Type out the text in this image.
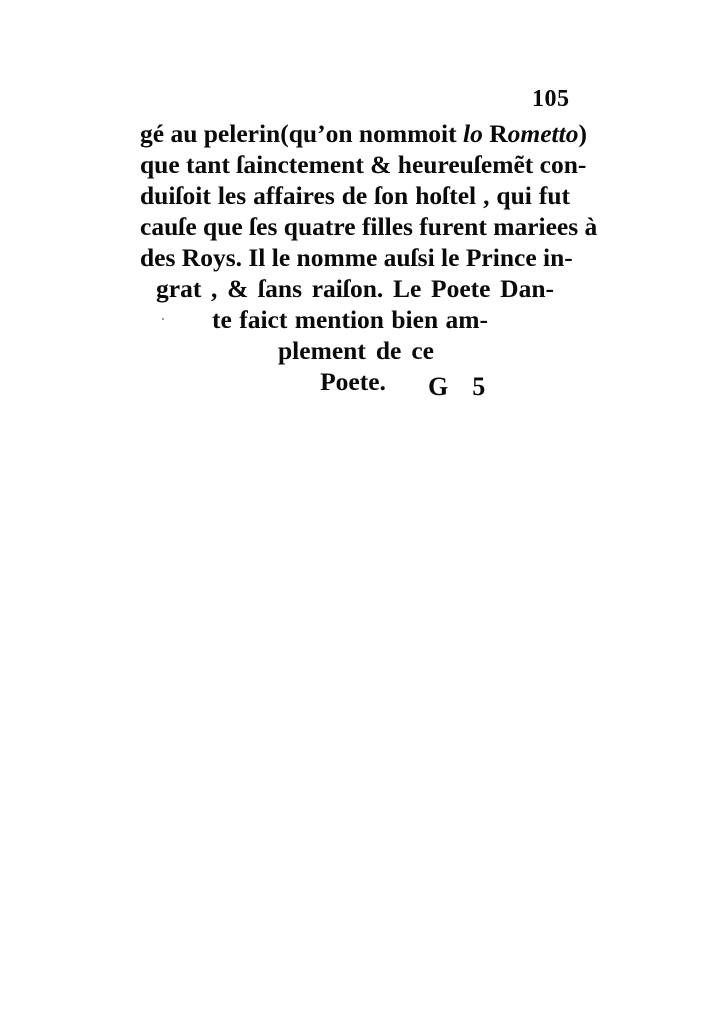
105
gé au pelerin(qu’on nommoit lo Rometto)
que tant ſainctement & heureuſemẽt con-
duiſoit les affaires de ſon hoſtel , qui fut
cauſe que ſes quatre filles furent mariees à
des Roys. Il le nomme auſsi le Prince in-
grat , & ſans raiſon. Le Poete Dan-
te faict mention bien am-
plement de ce
Poete. G 5
